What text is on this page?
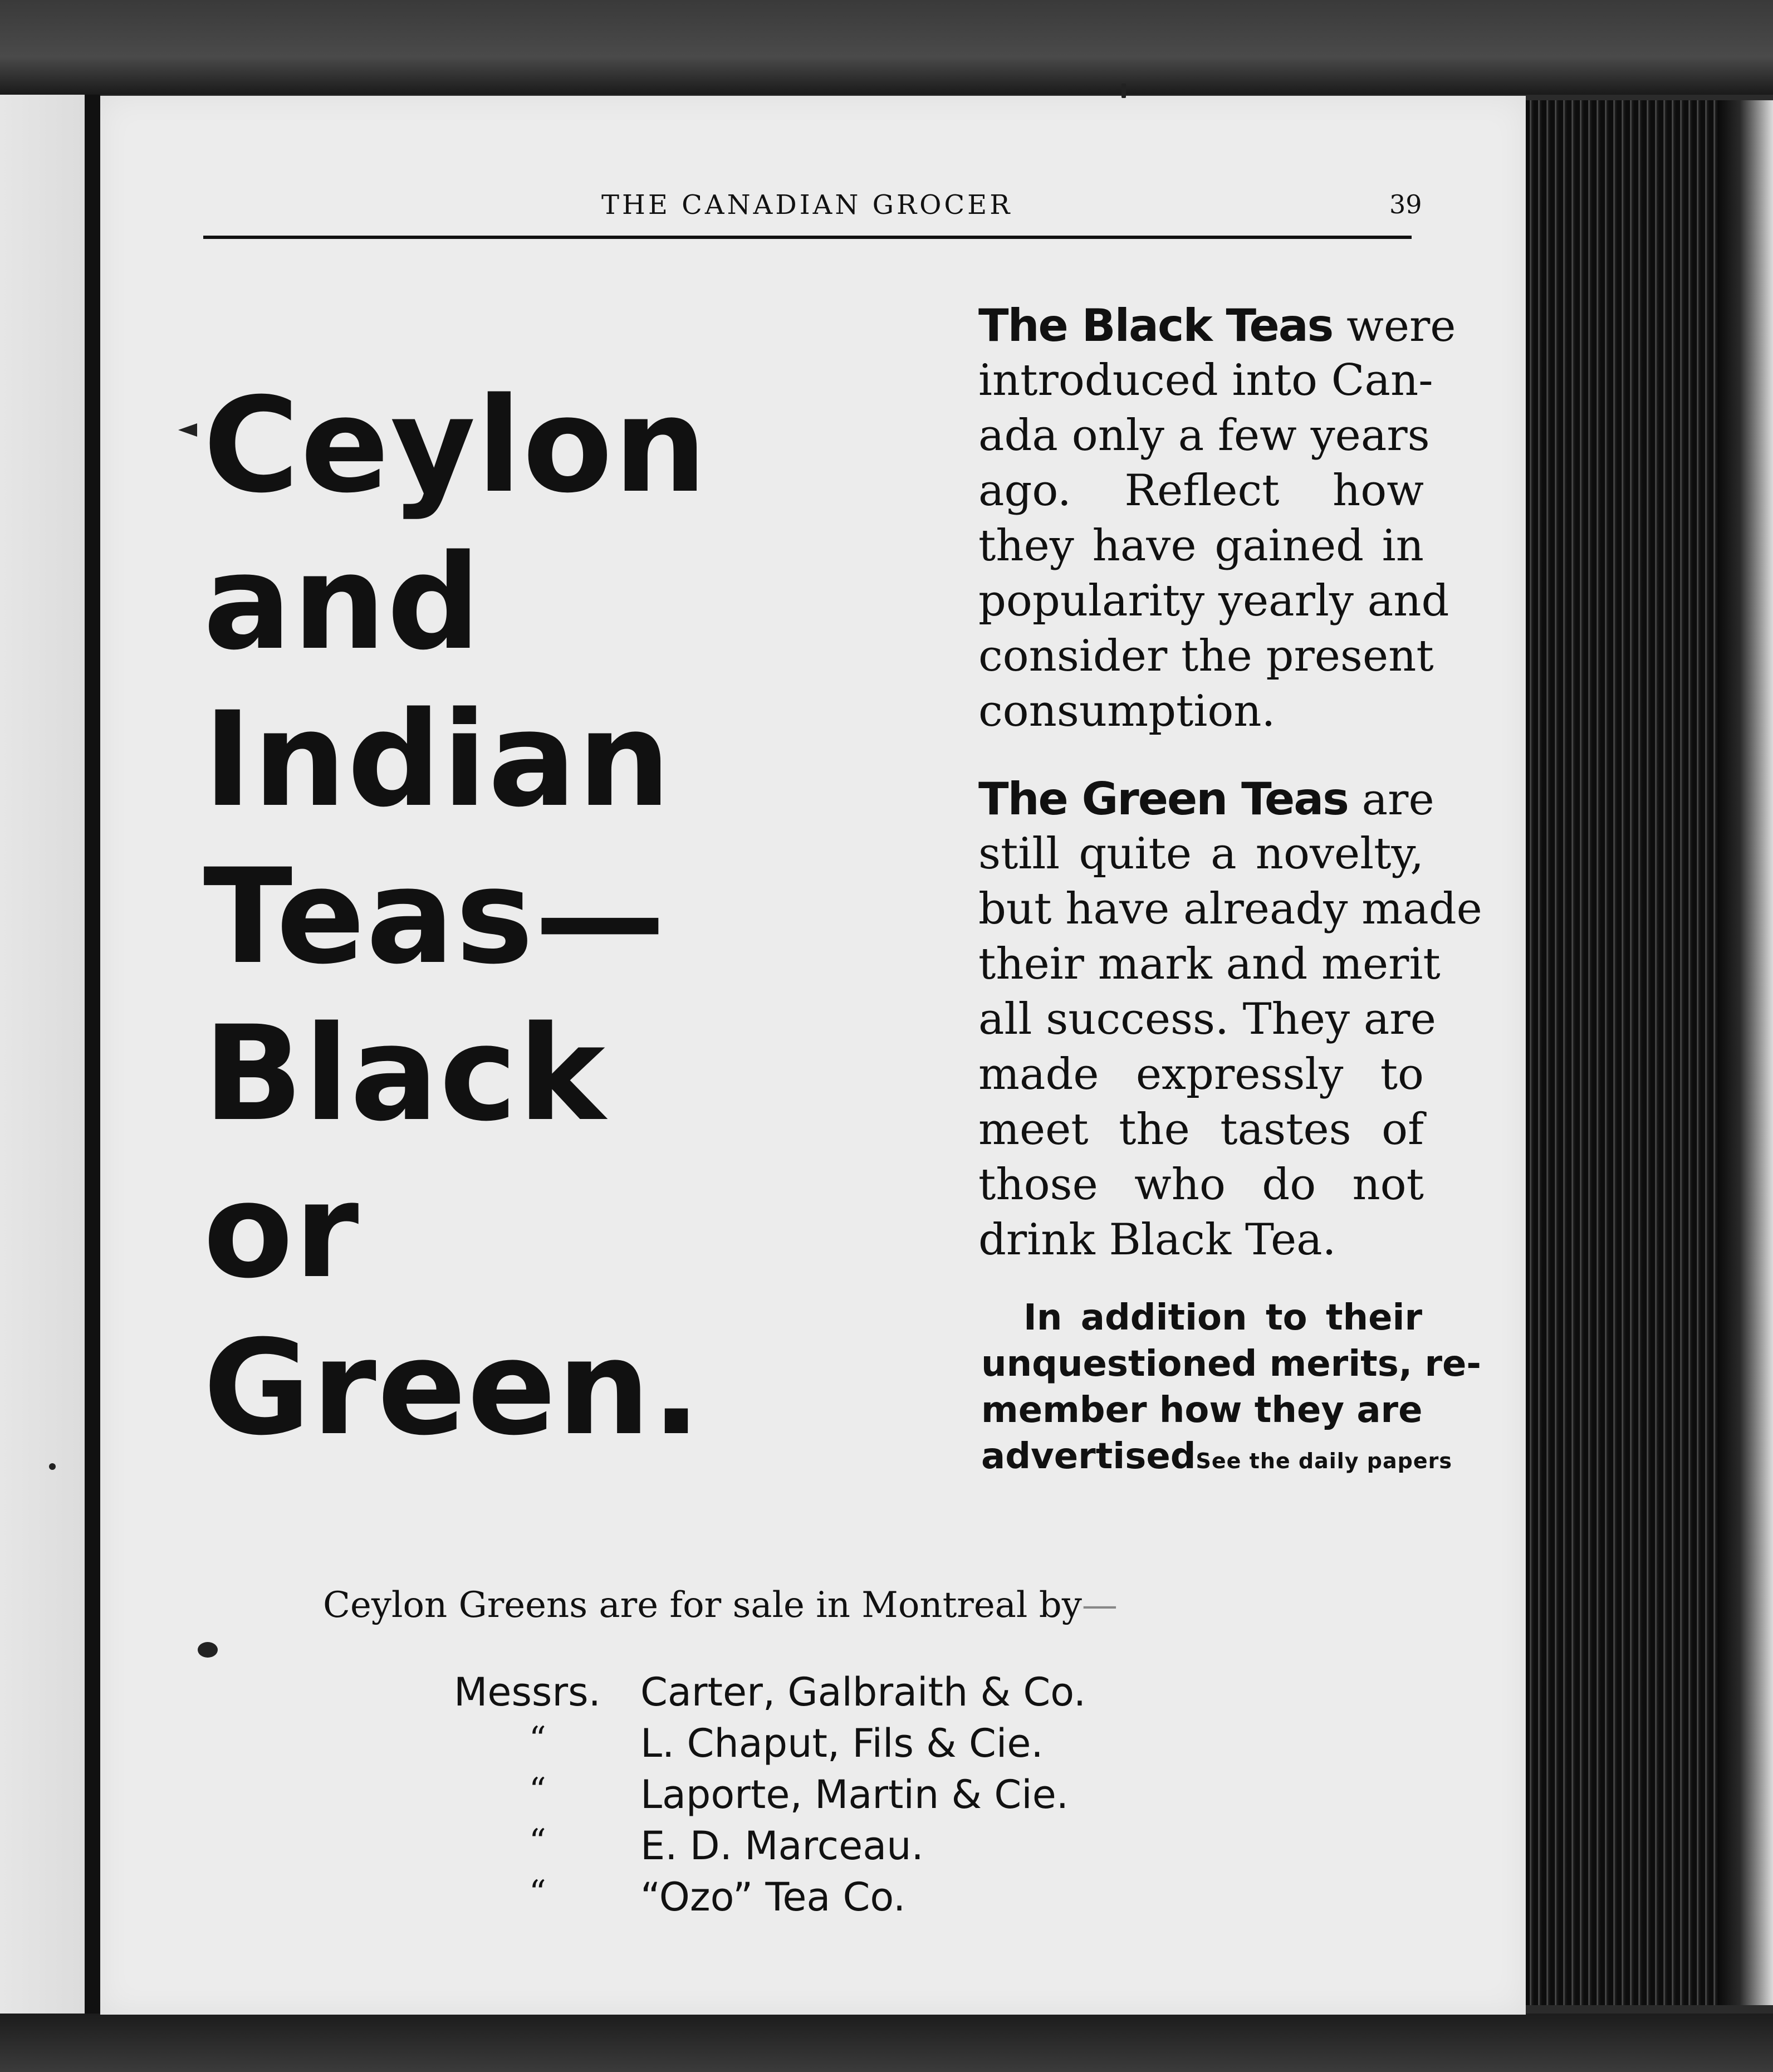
THE CANADIAN GROCER	39
Ceylon
and
Indian
Teas—
Black
or
Green.
The Black Teas were
introduced into Can-
ada only a few years
ago. Reflect how
they have gained in
popularity yearly and
consider the present
consumption.
The Green Teas are
still quite a novelty,
but have already made
their mark and merit
all success. They are
made expressly to
meet the tastes of
those who do not
drink Black Tea.
In addition to their
unquestioned merits, re-
member how they are
advertised See the daily papers
Ceylon Greens are for sale in Montreal by—
Messrs. Carter, Galbraith & Co.
“ L. Chaput, Fils & Cie.
“ Laporte, Martin & Cie.
“ E. D. Marceau.
“ “Ozo” Tea Co.
